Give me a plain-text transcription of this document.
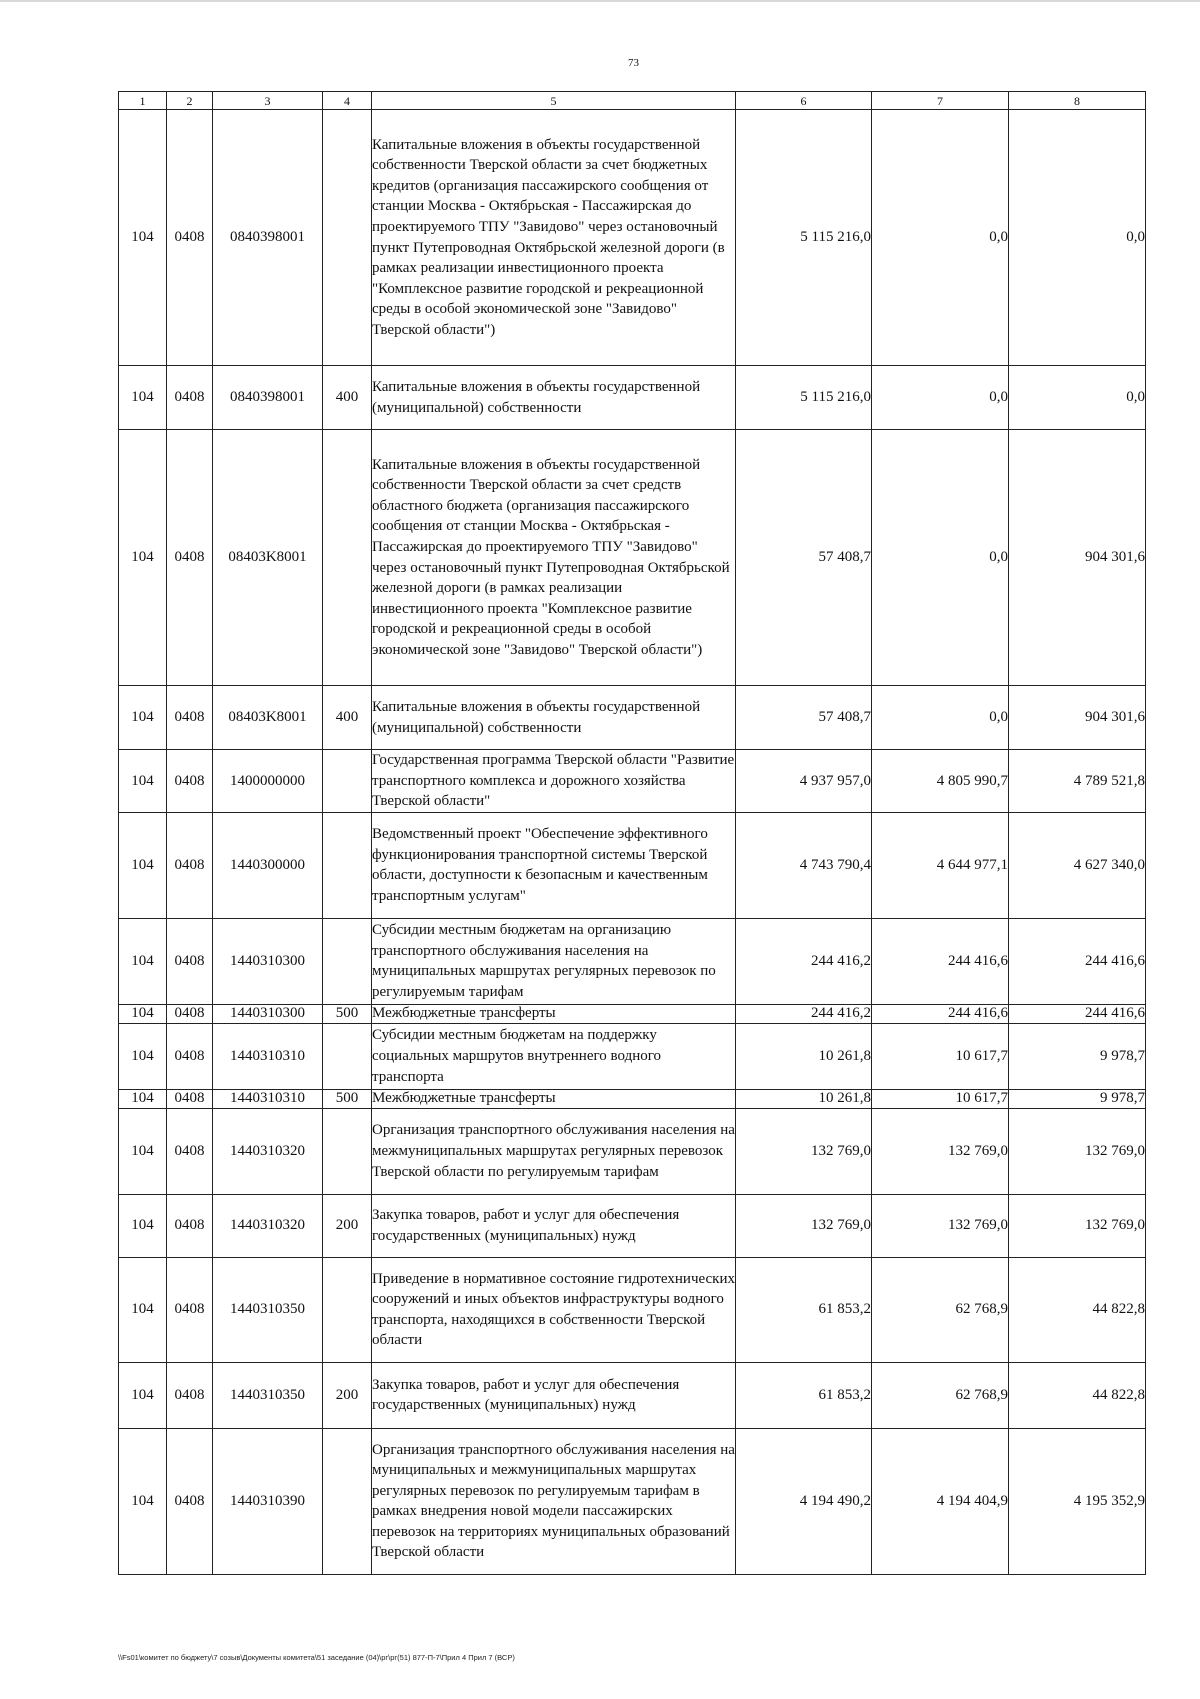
73
1	2	3	4	5	6	7	8
104	0408	0840398001		Капитальные вложения в объекты государственной собственности Тверской области за счет бюджетных кредитов (организация пассажирского сообщения от станции Москва - Октябрьская - Пассажирская до проектируемого ТПУ "Завидово" через остановочный пункт Путепроводная Октябрьской железной дороги (в рамках реализации инвестиционного проекта "Комплексное развитие городской и рекреационной среды в особой экономической зоне "Завидово" Тверской области")	5 115 216,0	0,0	0,0
104	0408	0840398001	400	Капитальные вложения в объекты государственной (муниципальной) собственности	5 115 216,0	0,0	0,0
104	0408	08403K8001		Капитальные вложения в объекты государственной собственности Тверской области за счет средств областного бюджета (организация пассажирского сообщения от станции Москва - Октябрьская - Пассажирская до проектируемого ТПУ "Завидово" через остановочный пункт Путепроводная Октябрьской железной дороги (в рамках реализации инвестиционного проекта "Комплексное развитие городской и рекреационной среды в особой экономической зоне "Завидово" Тверской области")	57 408,7	0,0	904 301,6
104	0408	08403K8001	400	Капитальные вложения в объекты государственной (муниципальной) собственности	57 408,7	0,0	904 301,6
104	0408	1400000000		Государственная программа Тверской области "Развитие транспортного комплекса и дорожного хозяйства Тверской области"	4 937 957,0	4 805 990,7	4 789 521,8
104	0408	1440300000		Ведомственный проект "Обеспечение эффективного функционирования транспортной системы Тверской области, доступности к безопасным и качественным транспортным услугам"	4 743 790,4	4 644 977,1	4 627 340,0
104	0408	1440310300		Субсидии местным бюджетам на организацию транспортного обслуживания населения на муниципальных маршрутах регулярных перевозок по регулируемым тарифам	244 416,2	244 416,6	244 416,6
104	0408	1440310300	500	Межбюджетные трансферты	244 416,2	244 416,6	244 416,6
104	0408	1440310310		Субсидии местным бюджетам на поддержку социальных маршрутов внутреннего водного транспорта	10 261,8	10 617,7	9 978,7
104	0408	1440310310	500	Межбюджетные трансферты	10 261,8	10 617,7	9 978,7
104	0408	1440310320		Организация транспортного обслуживания населения на межмуниципальных маршрутах регулярных перевозок Тверской области по регулируемым тарифам	132 769,0	132 769,0	132 769,0
104	0408	1440310320	200	Закупка товаров, работ и услуг для обеспечения государственных (муниципальных) нужд	132 769,0	132 769,0	132 769,0
104	0408	1440310350		Приведение в нормативное состояние гидротехнических сооружений и иных объектов инфраструктуры водного транспорта, находящихся в собственности Тверской области	61 853,2	62 768,9	44 822,8
104	0408	1440310350	200	Закупка товаров, работ и услуг для обеспечения государственных (муниципальных) нужд	61 853,2	62 768,9	44 822,8
104	0408	1440310390		Организация транспортного обслуживания населения на муниципальных и межмуниципальных маршрутах регулярных перевозок по регулируемым тарифам в рамках внедрения новой модели пассажирских перевозок на территориях муниципальных образований Тверской области	4 194 490,2	4 194 404,9	4 195 352,9
\\Fs01\комитет по бюджету\7 созыв\Документы комитета\51 заседание (04)\рг\рг(51) 877-П-7\Прил 4 Прил 7 (ВСР)
